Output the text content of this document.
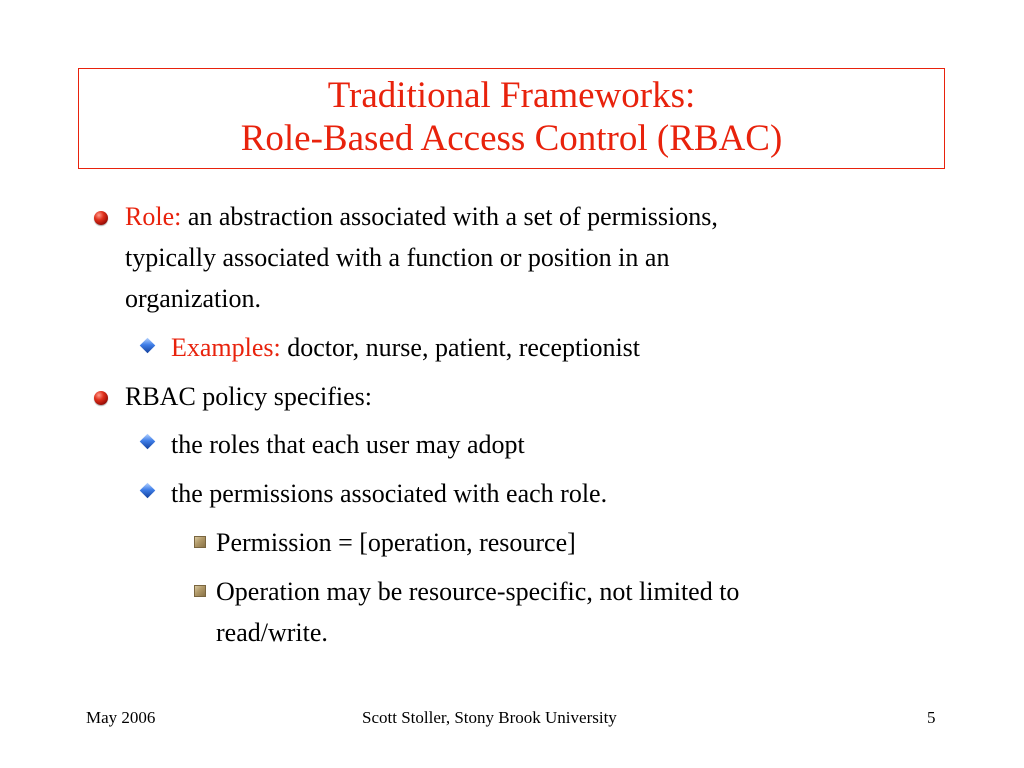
Traditional Frameworks:
Role-Based Access Control (RBAC)
Role: an abstraction associated with a set of permissions,
typically associated with a function or position in an
organization.
Examples: doctor, nurse, patient, receptionist
RBAC policy specifies:
the roles that each user may adopt
the permissions associated with each role.
Permission = [operation, resource]
Operation may be resource-specific, not limited to
read/write.
May 2006	Scott Stoller, Stony Brook University	5
